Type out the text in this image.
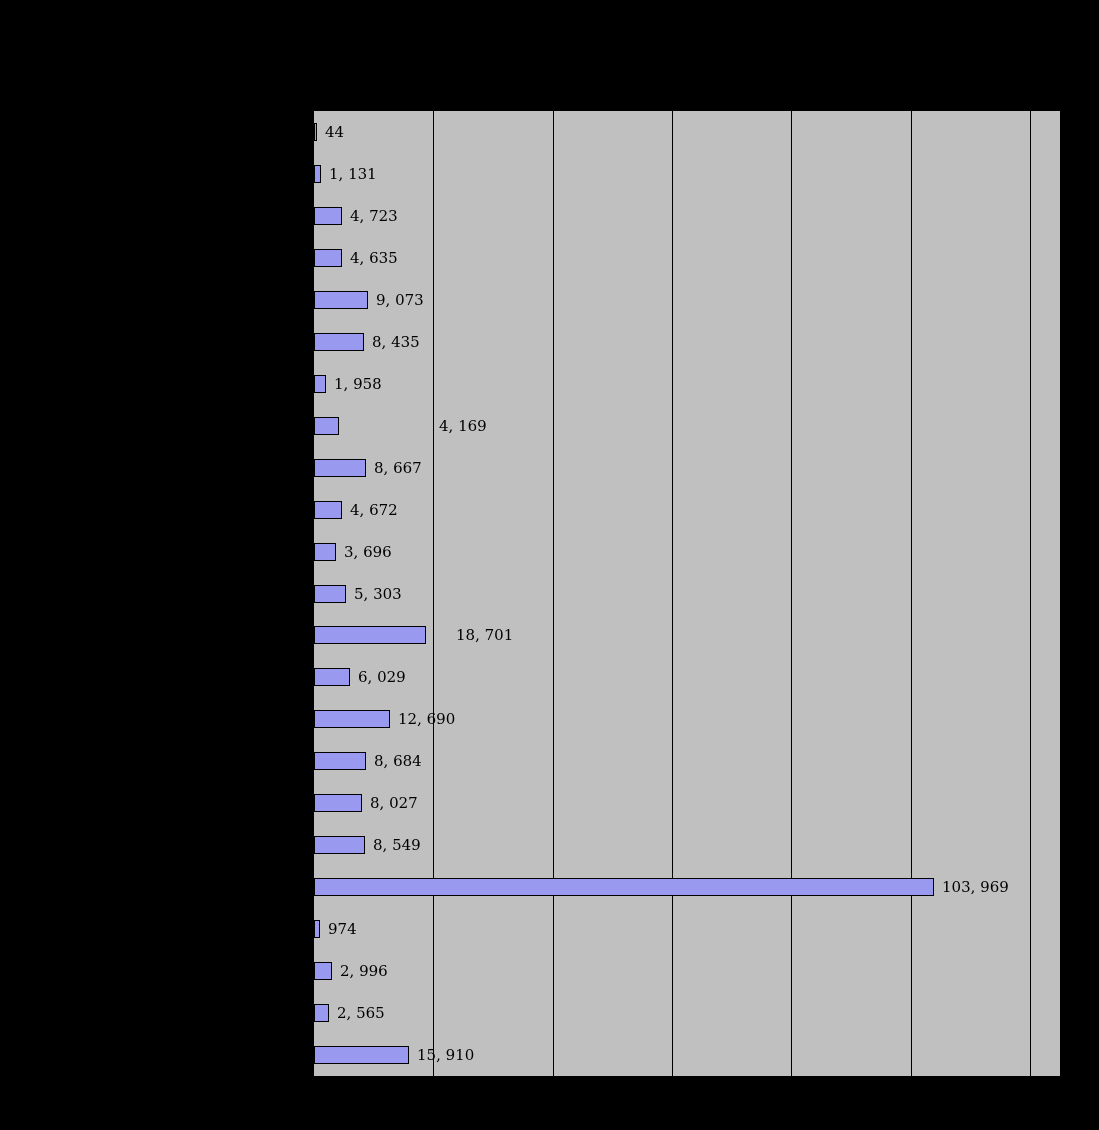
44
1, 131
4, 723
4, 635
9, 073
8, 435
1, 958
4, 169
8, 667
4, 672
3, 696
5, 303
18, 701
6, 029
12, 690
8, 684
8, 027
8, 549
103, 969
974
2, 996
2, 565
15, 910
